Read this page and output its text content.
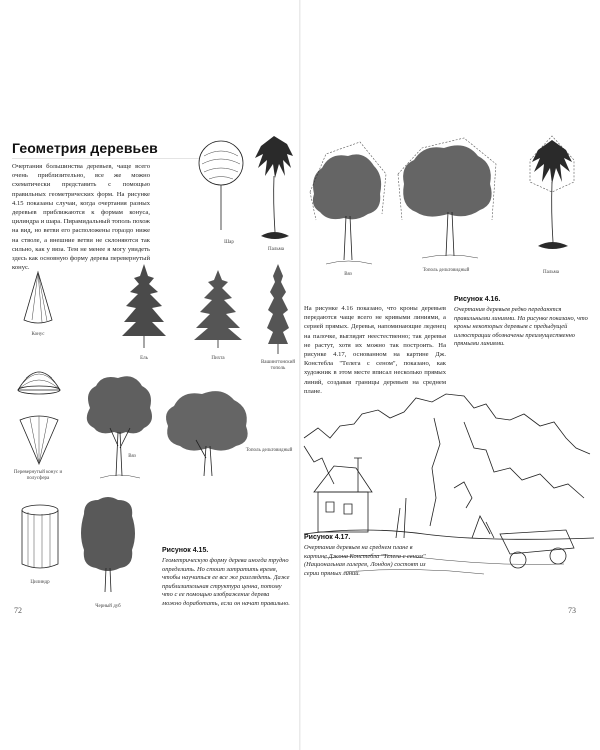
Геометрия деревьев
Очертания большинства деревьев, чаще всего очень приблизительно, все же можно схематически представить с помощью правильных геометрических форм. На рисунке 4.15 показаны случаи, когда очертания разных деревьев приближаются к формам конуса, цилиндра и шара. Пирамидальный тополь похож на вид, но ветви его расположены гораздо ниже на стволе, а внешние ветви не склоняются так сильно, как у вяза. Тем не менее я могу увидеть здесь как основную форму дерева перевернутый конус.
Шар
Пальма
Конус
Ель	Пихта
Вашингтонский тополь
Перевернутый конус и полусфера
Вяз
Тополь дельтовидный
Цилиндр
Черный дуб
Рисунок 4.15.
Геометрическую форму дерева иногда трудно определить. Но стоит затратить время, чтобы научиться ее все же разглядеть. Даже приблизительная структура ценна, потому что с ее помощью изображение дерева можно доработать, если он начат правильно.
72
Вяз
Тополь дельтовидный	Пальма
На рисунке 4.16 показано, что кроны деревьев передаются чаще всего не кривыми линиями, а серией прямых. Деревья, напоминающие леденец на палочке, выглядят неестественно; так деревья не растут, хотя их можно так построить. На рисунке 4.17, основанном на картине Дж. Констебла "Телега с сеном", показано, как художник в этом месте вписал несколько прямых линий, создавая границы деревьев на среднем плане.
Рисунок 4.16.
Очертания деревьев редко передаются правильными линиями. На рисунке показано, что кроны некоторых деревьев с предыдущей иллюстрации обозначены преимущественно прямыми линиями.
Рисунок 4.17.
Очертания деревьев на среднем плане в картине Джона Констебла "Телега с сеном" (Национальная галерея, Лондон) состоят из серии прямых линий.
73
